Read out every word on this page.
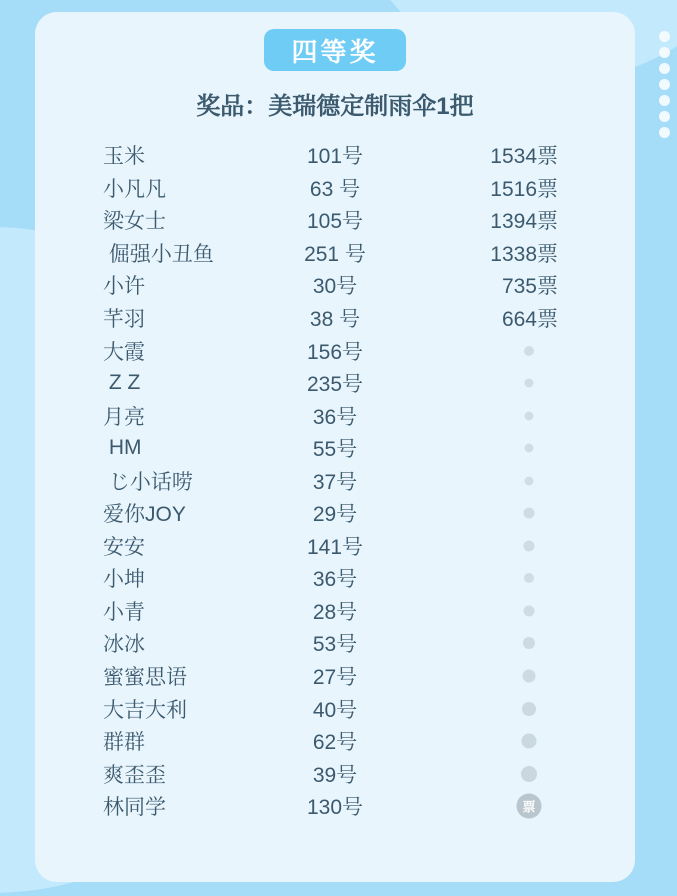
四等奖
奖品：美瑞德定制雨伞1把
玉米	101号	1534票
小凡凡	63 号	1516票
梁女士	105号	1394票
倔强小丑鱼	251 号	1338票
小许	30号	735票
芊羽	38 号	664票
大霞	156号
Z Z	235号
月亮	36号
HM	55号
じ小话唠	37号
爱你JOY	29号
安安	141号
小坤	36号
小青	28号
冰冰	53号
蜜蜜思语	27号
大吉大利	40号
群群	62号
爽歪歪	39号
林同学	130号	票
